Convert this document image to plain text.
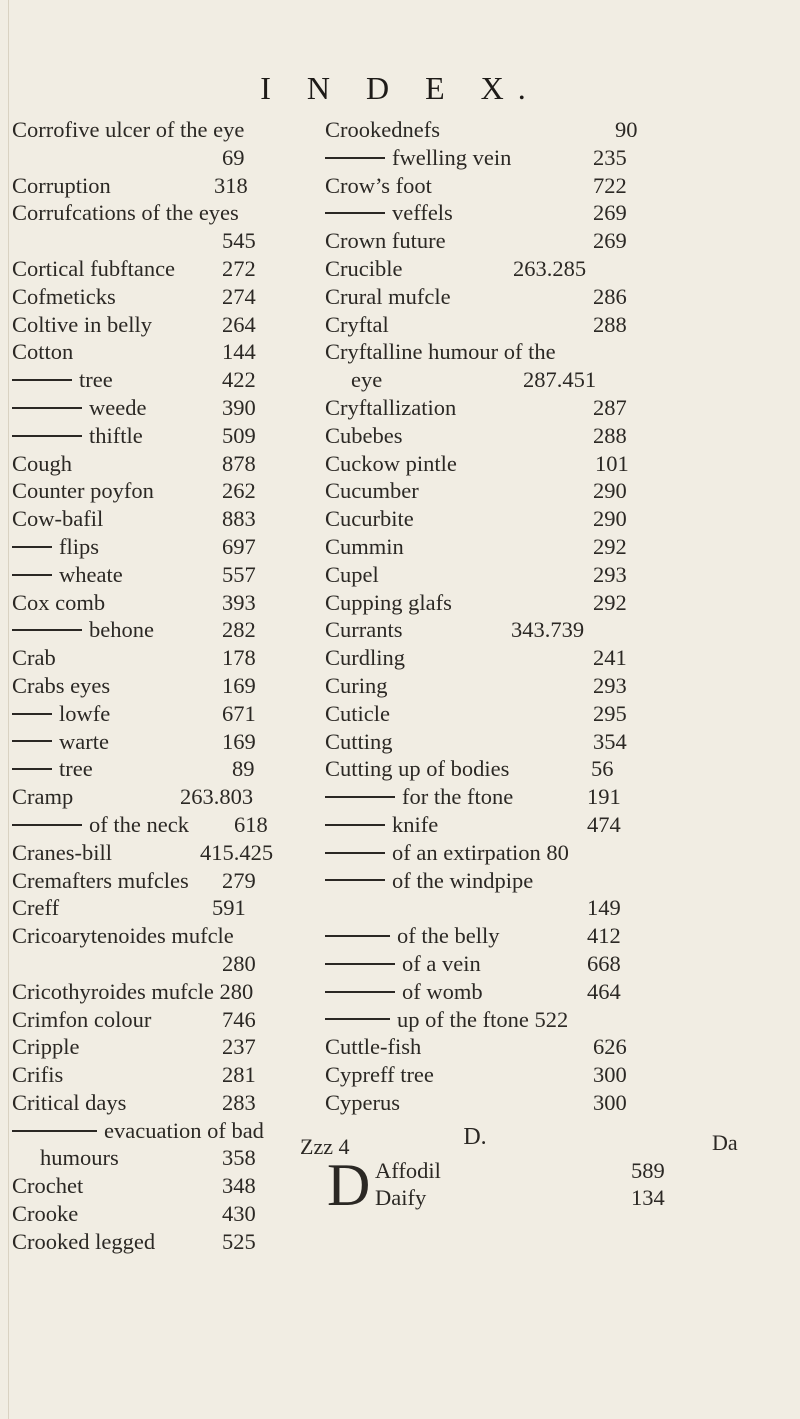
I N D E X.
Corrofive ulcer of the eye
69
Corruption	318
Corrufcations of the eyes
545
Cortical fubftance 272
Cofmeticks	274
Coltive in belly	264
Cotton	144
tree	422
weede	390
thiftle	509
Cough	878
Counter poyfon	262
Cow-bafil	883
flips	697
wheate	557
Cox comb	393
behone	282
Crab	178
Crabs eyes	169
lowfe	671
warte	169
tree	89
Cramp	263.803
of the neck 618
Cranes-bill	415.425
Cremafters mufcles 279
Creff	591
Cricoarytenoides mufcle
280
Cricothyroides mufcle 280
Crimfon colour	746
Cripple	237
Crifis	281
Critical days	283
evacuation of bad
humours	358
Crochet	348
Crooke	430
Crooked legged	525
Crookednefs	90
fwelling vein	235
Crow’s foot	722
veffels	269
Crown future	269
Crucible	263.285
Crural mufcle	286
Cryftal	288
Cryftalline humour of the
eye	287.451
Cryftallization	287
Cubebes	288
Cuckow pintle	101
Cucumber	290
Cucurbite	290
Cummin	292
Cupel	293
Cupping glafs	292
Currants	343.739
Curdling	241
Curing	293
Cuticle	295
Cutting	354
Cutting up of bodies	56
for the ftone	191
knife	474
of an extirpation 80
of the windpipe
149
of the belly	412
of a vein	668
of womb	464
up of the ftone 522
Cuttle-fish	626
Cypreff tree	300
Cyperus	300
D.
D Affodil	589
Daify	134
Zzz 4	Da
